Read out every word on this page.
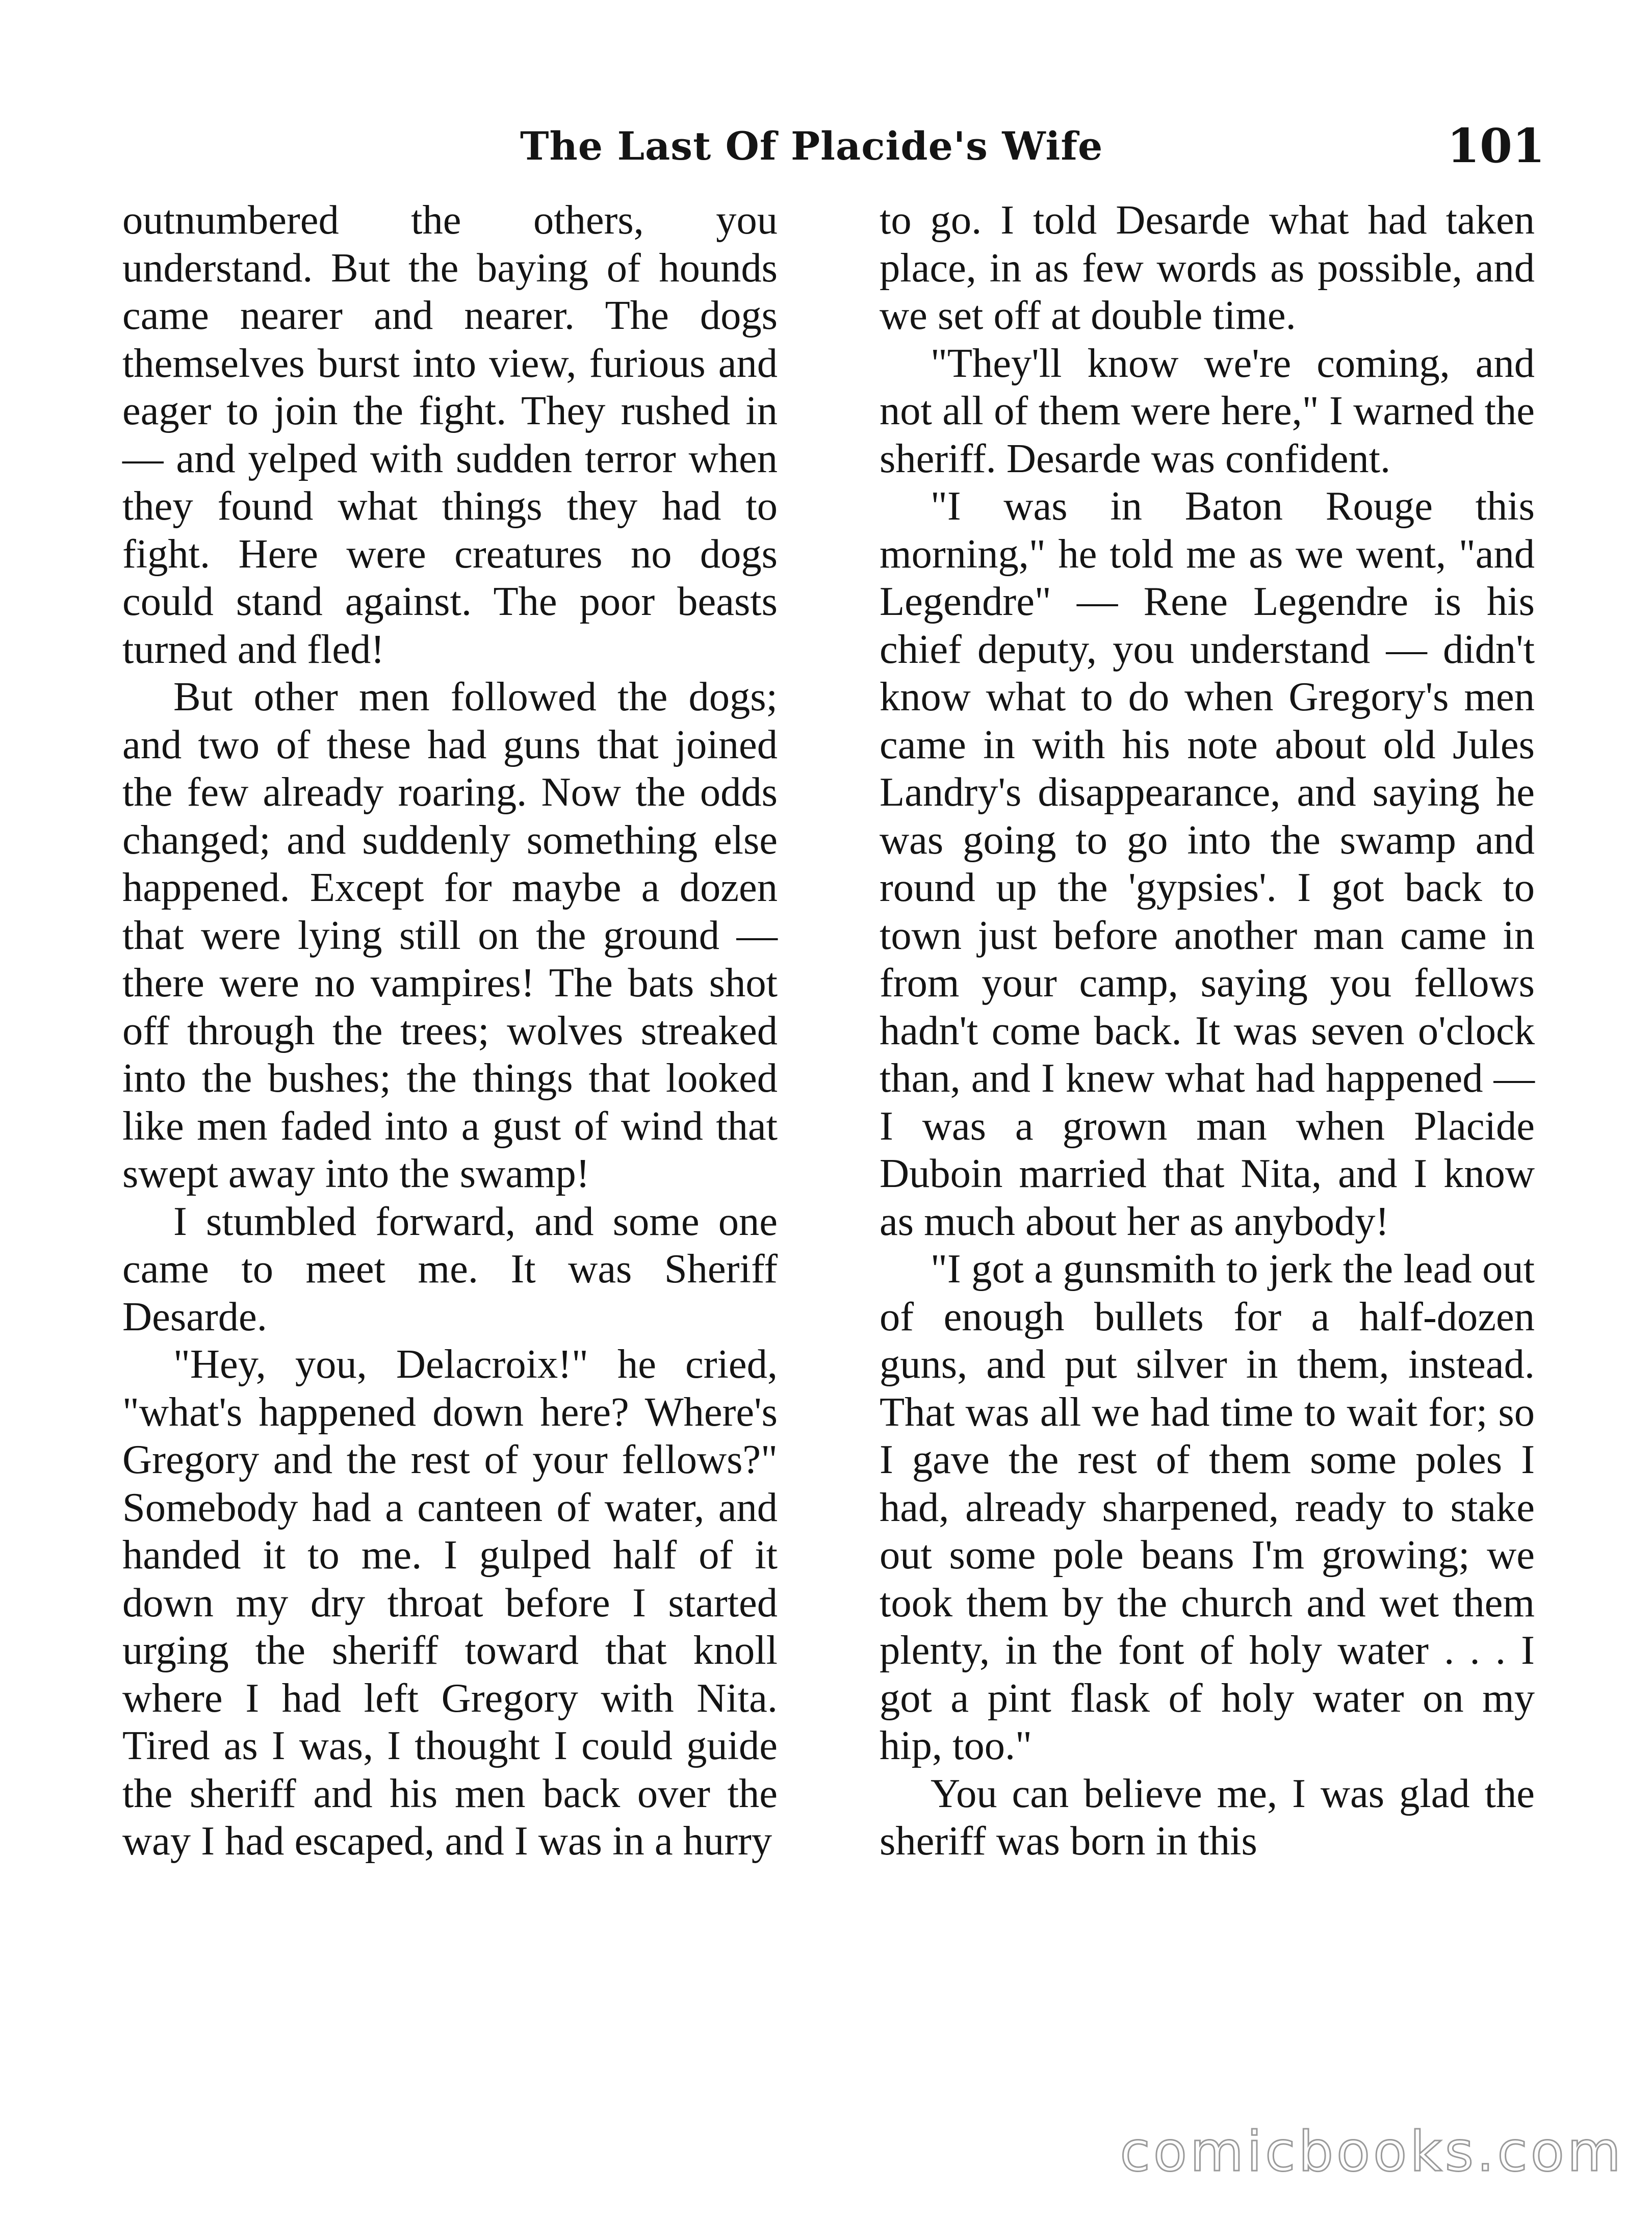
The Last Of Placide's Wife	101

outnumbered the others, you understand. But the baying of hounds came nearer and nearer. The dogs themselves burst into view, furious and eager to join the fight. They rushed in — and yelped with sudden terror when they found what things they had to fight. Here were creatures no dogs could stand against. The poor beasts turned and fled!

But other men followed the dogs; and two of these had guns that joined the few already roaring. Now the odds changed; and suddenly something else happened. Except for maybe a dozen that were lying still on the ground — there were no vampires! The bats shot off through the trees; wolves streaked into the bushes; the things that looked like men faded into a gust of wind that swept away into the swamp!

I stumbled forward, and some one came to meet me. It was Sheriff Desarde.

"Hey, you, Delacroix!" he cried, "what's happened down here? Where's Gregory and the rest of your fellows?" Somebody had a canteen of water, and handed it to me. I gulped half of it down my dry throat before I started urging the sheriff toward that knoll where I had left Gregory with Nita. Tired as I was, I thought I could guide the sheriff and his men back over the way I had escaped, and I was in a hurry

to go. I told Desarde what had taken place, in as few words as possible, and we set off at double time.

"They'll know we're coming, and not all of them were here," I warned the sheriff. Desarde was confident.

"I was in Baton Rouge this morning," he told me as we went, "and Legendre" — Rene Legendre is his chief deputy, you understand — didn't know what to do when Gregory's men came in with his note about old Jules Landry's disappearance, and saying he was going to go into the swamp and round up the 'gypsies'. I got back to town just before another man came in from your camp, saying you fellows hadn't come back. It was seven o'clock than, and I knew what had happened — I was a grown man when Placide Duboin married that Nita, and I know as much about her as anybody!

"I got a gunsmith to jerk the lead out of enough bullets for a half-dozen guns, and put silver in them, instead. That was all we had time to wait for; so I gave the rest of them some poles I had, already sharpened, ready to stake out some pole beans I'm growing; we took them by the church and wet them plenty, in the font of holy water . . . I got a pint flask of holy water on my hip, too."

You can believe me, I was glad the sheriff was born in this

comicbooks.com
